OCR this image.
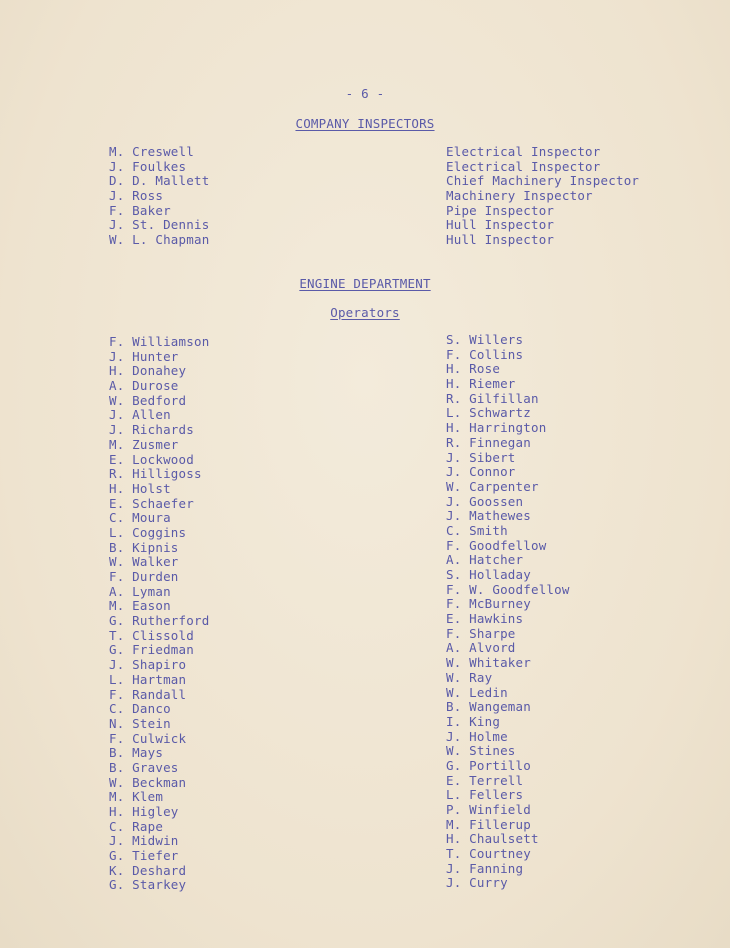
- 6 -
COMPANY INSPECTORS
M. Creswell
J. Foulkes
D. D. Mallett
J. Ross
F. Baker
J. St. Dennis
W. L. Chapman
Electrical Inspector
Electrical Inspector
Chief Machinery Inspector
Machinery Inspector
Pipe Inspector
Hull Inspector
Hull Inspector
ENGINE DEPARTMENT
Operators
F. Williamson
J. Hunter
H. Donahey
A. Durose
W. Bedford
J. Allen
J. Richards
M. Zusmer
E. Lockwood
R. Hilligoss
H. Holst
E. Schaefer
C. Moura
L. Coggins
B. Kipnis
W. Walker
F. Durden
A. Lyman
M. Eason
G. Rutherford
T. Clissold
G. Friedman
J. Shapiro
L. Hartman
F. Randall
C. Danco
N. Stein
F. Culwick
B. Mays
B. Graves
W. Beckman
M. Klem
H. Higley
C. Rape
J. Midwin
G. Tiefer
K. Deshard
G. Starkey
S. Willers
F. Collins
H. Rose
H. Riemer
R. Gilfillan
L. Schwartz
H. Harrington
R. Finnegan
J. Sibert
J. Connor
W. Carpenter
J. Goossen
J. Mathewes
C. Smith
F. Goodfellow
A. Hatcher
S. Holladay
F. W. Goodfellow
F. McBurney
E. Hawkins
F. Sharpe
A. Alvord
W. Whitaker
W. Ray
W. Ledin
B. Wangeman
I. King
J. Holme
W. Stines
G. Portillo
E. Terrell
L. Fellers
P. Winfield
M. Fillerup
H. Chaulsett
T. Courtney
J. Fanning
J. Curry
